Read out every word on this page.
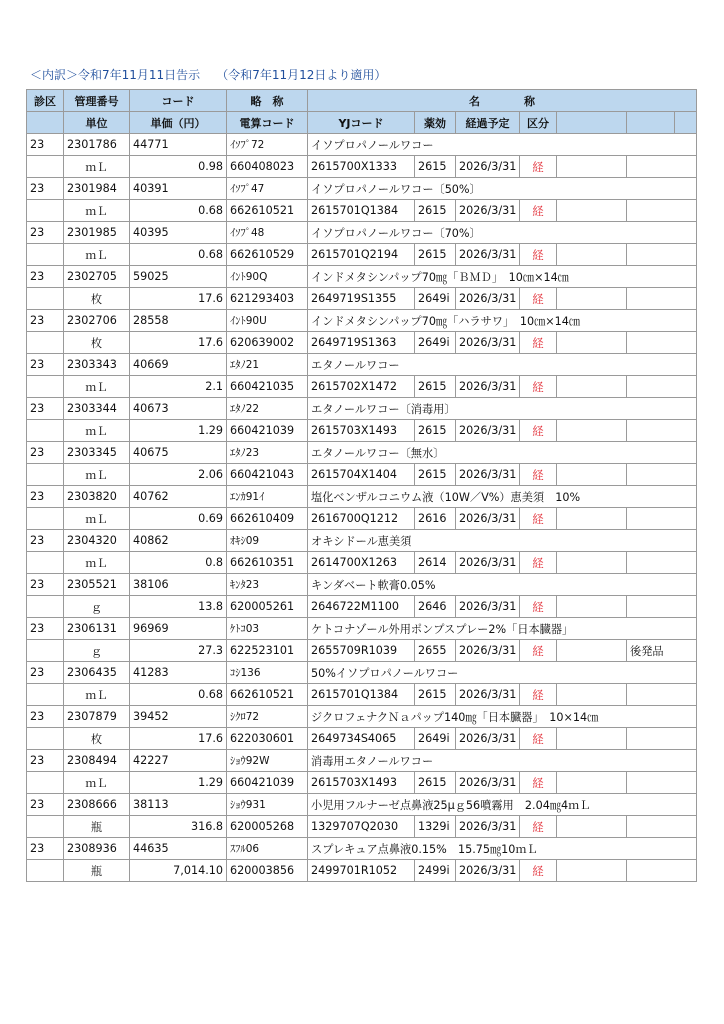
＜内訳＞令和7年11月11日告示 （令和7年11月12日より適用）
診区	管理番号	コード	略　称	名　　　　称						
	単位	単価（円）	電算コード	YJコード	薬効	経過予定	区分			
23	2301786	44771	ｲｿﾌﾟ72	イソプロパノールワコー						
	ｍＬ	0.98	660408023	2615700X1333	2615	2026/3/31	経			
23	2301984	40391	ｲｿﾌﾟ47	イソプロパノールワコー〔50%〕						
	ｍＬ	0.68	662610521	2615701Q1384	2615	2026/3/31	経			
23	2301985	40395	ｲｿﾌﾟ48	イソプロパノールワコー〔70%〕						
	ｍＬ	0.68	662610529	2615701Q2194	2615	2026/3/31	経			
23	2302705	59025	ｲﾝﾄ90Q	インドメタシンパップ70㎎「ＢＭＤ」　10㎝×14㎝						
	枚	17.6	621293403	2649719S1355	2649i	2026/3/31	経			
23	2302706	28558	ｲﾝﾄ90U	インドメタシンパップ70㎎「ハラサワ」　10㎝×14㎝						
	枚	17.6	620639002	2649719S1363	2649i	2026/3/31	経			
23	2303343	40669	ｴﾀﾉ21	エタノールワコー						
	ｍＬ	2.1	660421035	2615702X1472	2615	2026/3/31	経			
23	2303344	40673	ｴﾀﾉ22	エタノールワコー〔消毒用〕						
	ｍＬ	1.29	660421039	2615703X1493	2615	2026/3/31	経			
23	2303345	40675	ｴﾀﾉ23	エタノールワコー〔無水〕						
	ｍＬ	2.06	660421043	2615704X1404	2615	2026/3/31	経			
23	2303820	40762	ｴﾝｶ91ｲ	塩化ベンザルコニウム液（10W／V%）恵美須　10%						
	ｍＬ	0.69	662610409	2616700Q1212	2616	2026/3/31	経			
23	2304320	40862	ｵｷｼ09	オキシドール恵美須						
	ｍＬ	0.8	662610351	2614700X1263	2614	2026/3/31	経			
23	2305521	38106	ｷﾝﾀ23	キンダベート軟膏0.05%						
	ｇ	13.8	620005261	2646722M1100	2646	2026/3/31	経			
23	2306131	96969	ｹﾄｺ03	ケトコナゾール外用ポンプスプレー2%「日本臓器」						
	ｇ	27.3	622523101	2655709R1039	2655	2026/3/31	経		後発品	
23	2306435	41283	ｺｼ136	50%イソプロパノールワコー						
	ｍＬ	0.68	662610521	2615701Q1384	2615	2026/3/31	経			
23	2307879	39452	ｼｸﾛ72	ジクロフェナクＮａパップ140㎎「日本臓器」　10×14㎝						
	枚	17.6	622030601	2649734S4065	2649i	2026/3/31	経			
23	2308494	42227	ｼｮｳ92W	消毒用エタノールワコー						
	ｍＬ	1.29	660421039	2615703X1493	2615	2026/3/31	経			
23	2308666	38113	ｼｮｳ931	小児用フルナーゼ点鼻液25μｇ56噴霧用　2.04㎎4ｍＬ						
	瓶	316.8	620005268	1329707Q2030	1329i	2026/3/31	経			
23	2308936	44635	ｽﾌﾙ06	スプレキュア点鼻液0.15%　15.75㎎10ｍＬ						
	瓶	7,014.10	620003856	2499701R1052	2499i	2026/3/31	経			
